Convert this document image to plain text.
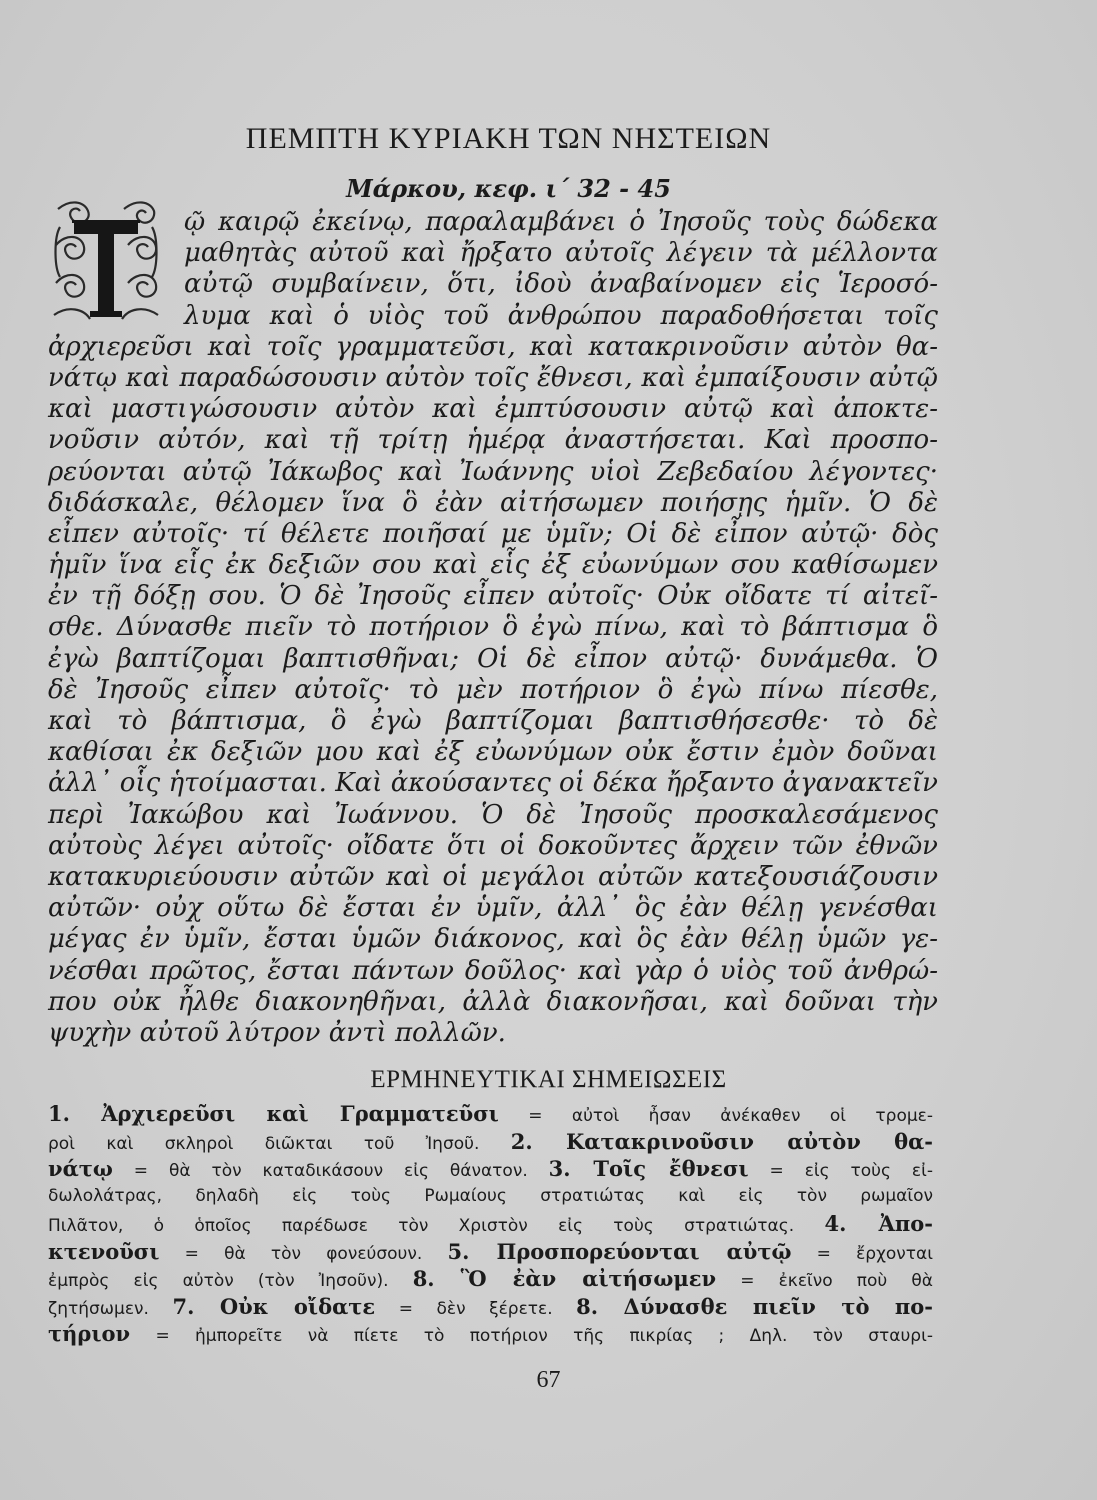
ΠΕΜΠΤΗ ΚΥΡΙΑΚΗ ΤΩΝ ΝΗΣΤΕΙΩΝ
Μάρκου, κεφ. ι΄ 32 - 45
ῷ καιρῷ ἐκείνῳ, παραλαμβάνει ὁ Ἰησοῦς τοὺς δώδεκα
μαθητὰς αὐτοῦ καὶ ἤρξατο αὐτοῖς λέγειν τὰ μέλλοντα
αὐτῷ συμβαίνειν, ὅτι, ἰδοὺ ἀναβαίνομεν εἰς Ἱεροσό-
λυμα καὶ ὁ υἱὸς τοῦ ἀνθρώπου παραδοθήσεται τοῖς
ἀρχιερεῦσι καὶ τοῖς γραμματεῦσι, καὶ κατακρινοῦσιν αὐτὸν θα-
νάτῳ καὶ παραδώσουσιν αὐτὸν τοῖς ἔθνεσι, καὶ ἐμπαίξουσιν αὐτῷ
καὶ μαστιγώσουσιν αὐτὸν καὶ ἐμπτύσουσιν αὐτῷ καὶ ἀποκτε-
νοῦσιν αὐτόν, καὶ τῇ τρίτῃ ἡμέρᾳ ἀναστήσεται. Καὶ προσπο-
ρεύονται αὐτῷ Ἰάκωβος καὶ Ἰωάννης υἱοὶ Ζεβεδαίου λέγοντες·
διδάσκαλε, θέλομεν ἵνα ὃ ἐὰν αἰτήσωμεν ποιήσῃς ἡμῖν. Ὁ δὲ
εἶπεν αὐτοῖς· τί θέλετε ποιῆσαί με ὑμῖν; Οἱ δὲ εἶπον αὐτῷ· δὸς
ἡμῖν ἵνα εἷς ἐκ δεξιῶν σου καὶ εἷς ἐξ εὐωνύμων σου καθίσωμεν
ἐν τῇ δόξῃ σου. Ὁ δὲ Ἰησοῦς εἶπεν αὐτοῖς· Οὐκ οἴδατε τί αἰτεῖ-
σθε. Δύνασθε πιεῖν τὸ ποτήριον ὃ ἐγὼ πίνω, καὶ τὸ βάπτισμα ὃ
ἐγὼ βαπτίζομαι βαπτισθῆναι; Οἱ δὲ εἶπον αὐτῷ· δυνάμεθα. Ὁ
δὲ Ἰησοῦς εἶπεν αὐτοῖς· τὸ μὲν ποτήριον ὃ ἐγὼ πίνω πίεσθε,
καὶ τὸ βάπτισμα, ὃ ἐγὼ βαπτίζομαι βαπτισθήσεσθε· τὸ δὲ
καθίσαι ἐκ δεξιῶν μου καὶ ἐξ εὐωνύμων οὐκ ἔστιν ἐμὸν δοῦναι
ἀλλ᾽ οἷς ἡτοίμασται. Καὶ ἀκούσαντες οἱ δέκα ἤρξαντο ἀγανακτεῖν
περὶ Ἰακώβου καὶ Ἰωάννου. Ὁ δὲ Ἰησοῦς προσκαλεσάμενος
αὐτοὺς λέγει αὐτοῖς· οἴδατε ὅτι οἱ δοκοῦντες ἄρχειν τῶν ἐθνῶν
κατακυριεύουσιν αὐτῶν καὶ οἱ μεγάλοι αὐτῶν κατεξουσιάζουσιν
αὐτῶν· οὐχ οὕτω δὲ ἔσται ἐν ὑμῖν, ἀλλ᾽ ὃς ἐὰν θέλῃ γενέσθαι
μέγας ἐν ὑμῖν, ἔσται ὑμῶν διάκονος, καὶ ὃς ἐὰν θέλῃ ὑμῶν γε-
νέσθαι πρῶτος, ἔσται πάντων δοῦλος· καὶ γὰρ ὁ υἱὸς τοῦ ἀνθρώ-
που οὐκ ἦλθε διακονηθῆναι, ἀλλὰ διακονῆσαι, καὶ δοῦναι τὴν
ψυχὴν αὐτοῦ λύτρον ἀντὶ πολλῶν.
ΕΡΜΗΝΕΥΤΙΚΑΙ ΣΗΜΕΙΩΣΕΙΣ
1. Ἀρχιερεῦσι καὶ Γραμματεῦσι = αὐτοὶ ἦσαν ἀνέκαθεν οἱ τρομε-
ροὶ καὶ σκληροὶ διῶκται τοῦ Ἰησοῦ. 2. Κατακρινοῦσιν αὐτὸν θα-
νάτῳ = θὰ τὸν καταδικάσουν εἰς θάνατον. 3. Τοῖς ἔθνεσι = εἰς τοὺς εἰ-
δωλολάτρας, δηλαδὴ εἰς τοὺς Ρωμαίους στρατιώτας καὶ εἰς τὸν ρωμαῖον
Πιλᾶτον, ὁ ὁποῖος παρέδωσε τὸν Χριστὸν εἰς τοὺς στρατιώτας. 4. Ἀπο-
κτενοῦσι = θὰ τὸν φονεύσουν. 5. Προσπορεύονται αὐτῷ = ἔρχονται
ἐμπρὸς εἰς αὐτὸν (τὸν Ἰησοῦν). 8. Ὃ ἐὰν αἰτήσωμεν = ἐκεῖνο ποὺ θὰ
ζητήσωμεν. 7. Οὐκ οἴδατε = δὲν ξέρετε. 8. Δύνασθε πιεῖν τὸ πο-
τήριον = ἠμπορεῖτε νὰ πίετε τὸ ποτήριον τῆς πικρίας ; Δηλ. τὸν σταυρι-
67
